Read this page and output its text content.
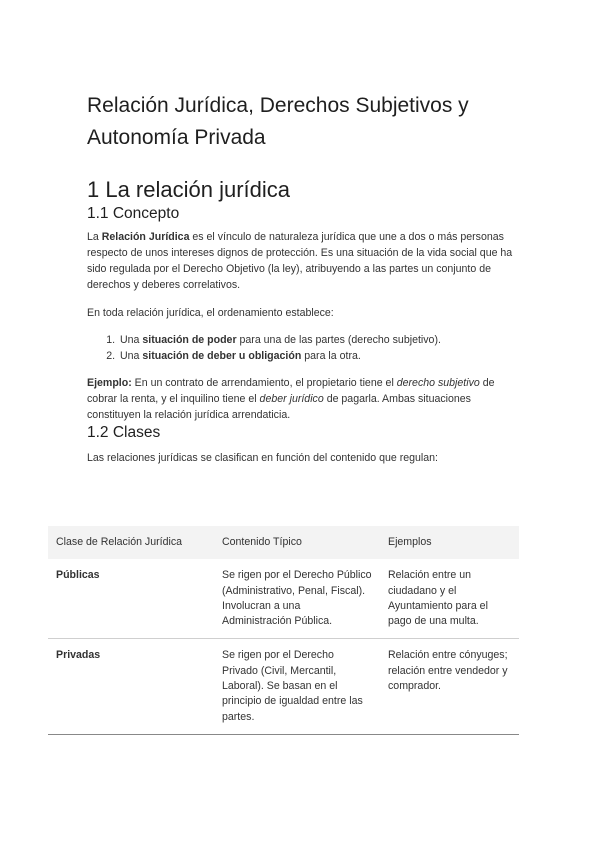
Relación Jurídica, Derechos Subjetivos y Autonomía Privada
1 La relación jurídica
1.1 Concepto

La Relación Jurídica es el vínculo de naturaleza jurídica que une a dos o más personas respecto de unos intereses dignos de protección. Es una situación de la vida social que ha sido regulada por el Derecho Objetivo (la ley), atribuyendo a las partes un conjunto de derechos y deberes correlativos.

En toda relación jurídica, el ordenamiento establece:

1. Una situación de poder para una de las partes (derecho subjetivo).
2. Una situación de deber u obligación para la otra.

Ejemplo: En un contrato de arrendamiento, el propietario tiene el derecho subjetivo de cobrar la renta, y el inquilino tiene el deber jurídico de pagarla. Ambas situaciones constituyen la relación jurídica arrendaticia.

1.2 Clases

Las relaciones jurídicas se clasifican en función del contenido que regulan:

Clase de Relación Jurídica	Contenido Típico	Ejemplos
Públicas	Se rigen por el Derecho Público (Administrativo, Penal, Fiscal). Involucran a una Administración Pública.	Relación entre un ciudadano y el Ayuntamiento para el pago de una multa.
Privadas	Se rigen por el Derecho Privado (Civil, Mercantil, Laboral). Se basan en el principio de igualdad entre las partes.	Relación entre cónyuges; relación entre vendedor y comprador.
